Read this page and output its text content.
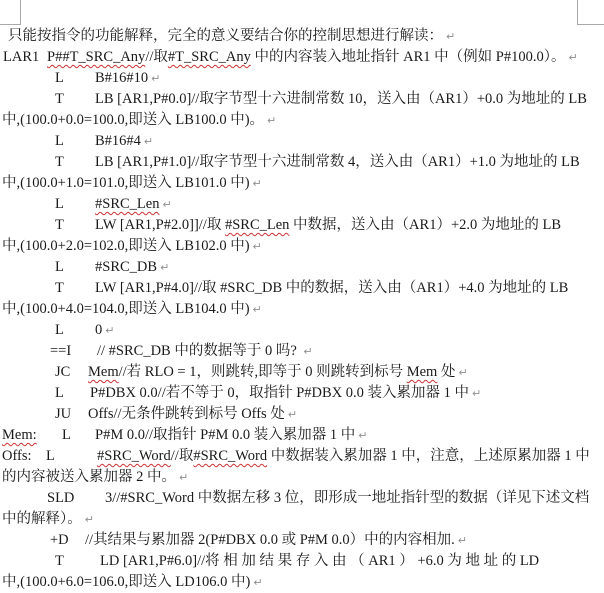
只能按指令的功能解释，完全的意义要结合你的控制思想进行解读： ↵
LAR1 P##T_SRC_Any//取#T_SRC_Any 中的内容装入地址指针 AR1 中（例如 P#100.0）。 ↵
L B#16#10 ↵
T LB [AR1,P#0.0]//取字节型十六进制常数 10，送入由（AR1）+0.0 为地址的 LB
中,(100.0+0.0=100.0,即送入 LB100.0 中)。 ↵
L B#16#4 ↵
T LB [AR1,P#1.0]//取字节型十六进制常数 4，送入由（AR1）+1.0 为地址的 LB
中,(100.0+1.0=101.0,即送入 LB101.0 中) ↵
L #SRC_Len ↵
T LW [AR1,P#2.0]]//取 #SRC_Len 中数据，送入由（AR1）+2.0 为地址的 LB
中,(100.0+2.0=102.0,即送入 LB102.0 中) ↵
L #SRC_DB ↵
T LW [AR1,P#4.0]//取 #SRC_DB 中的数据，送入由（AR1）+4.0 为地址的 LB
中,(100.0+4.0=104.0,即送入 LB104.0 中) ↵
L 0 ↵
==I // #SRC_DB 中的数据等于 0 吗? ↵
JC Mem//若 RLO = 1，则跳转,即等于 0 则跳转到标号 Mem 处 ↵
L P#DBX 0.0//若不等于 0，取指针 P#DBX 0.0 装入累加器 1 中 ↵
JU Offs//无条件跳转到标号 Offs 处 ↵
Mem: L P#M 0.0//取指针 P#M 0.0 装入累加器 1 中 ↵
Offs: L	#SRC_Word//取#SRC_Word 中数据装入累加器 1 中，注意，上述原累加器 1 中
的内容被送入累加器 2 中。 ↵
SLD 3//#SRC_Word 中数据左移 3 位，即形成一地址指针型的数据（详见下述文档
中的解释）。 ↵
+D //其结果与累加器 2(P#DBX 0.0 或 P#M 0.0）中的内容相加. ↵
T LD [AR1,P#6.0]//将 相 加 结 果 存 入 由 （ AR1 ） +6.0 为 地 址 的 LD
中,(100.0+6.0=106.0,即送入 LD106.0 中) ↵
